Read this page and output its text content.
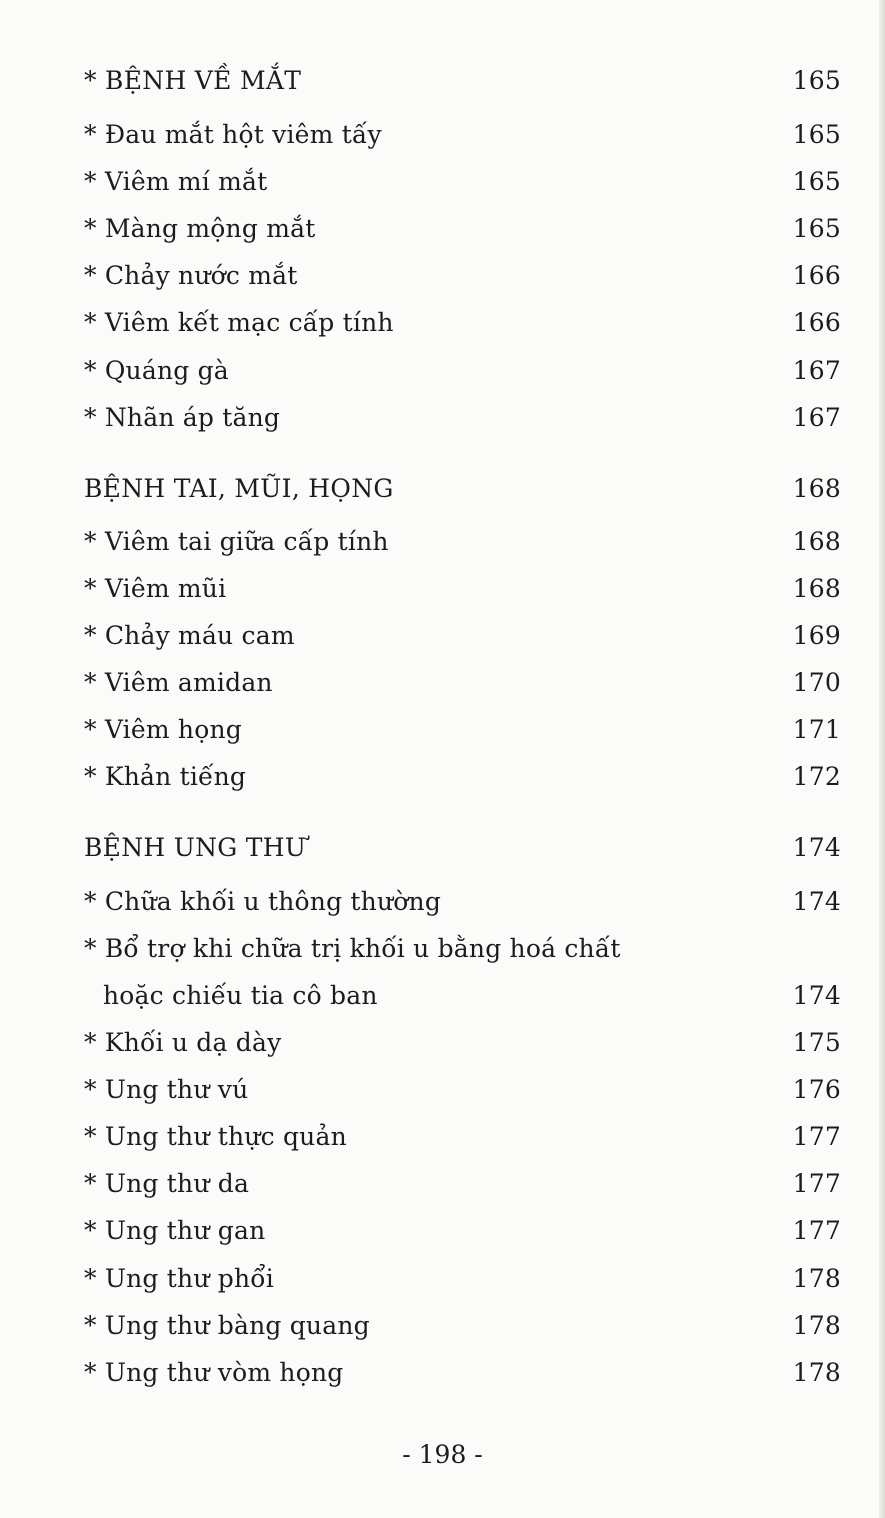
* BỆNH VỀ MẮT	165
* Đau mắt hột viêm tấy	165
* Viêm mí mắt	165
* Màng mộng mắt	165
* Chảy nước mắt	166
* Viêm kết mạc cấp tính	166
* Quáng gà	167
* Nhãn áp tăng	167
BỆNH TAI, MŨI, HỌNG	168
* Viêm tai giữa cấp tính	168
* Viêm mũi	168
* Chảy máu cam	169
* Viêm amidan	170
* Viêm họng	171
* Khản tiếng	172
BỆNH UNG THƯ	174
* Chữa khối u thông thường	174
* Bổ trợ khi chữa trị khối u bằng hoá chất
hoặc chiếu tia cô ban	174
* Khối u dạ dày	175
* Ung thư vú	176
* Ung thư thực quản	177
* Ung thư da	177
* Ung thư gan	177
* Ung thư phổi	178
* Ung thư bàng quang	178
* Ung thư vòm họng	178
- 198 -
